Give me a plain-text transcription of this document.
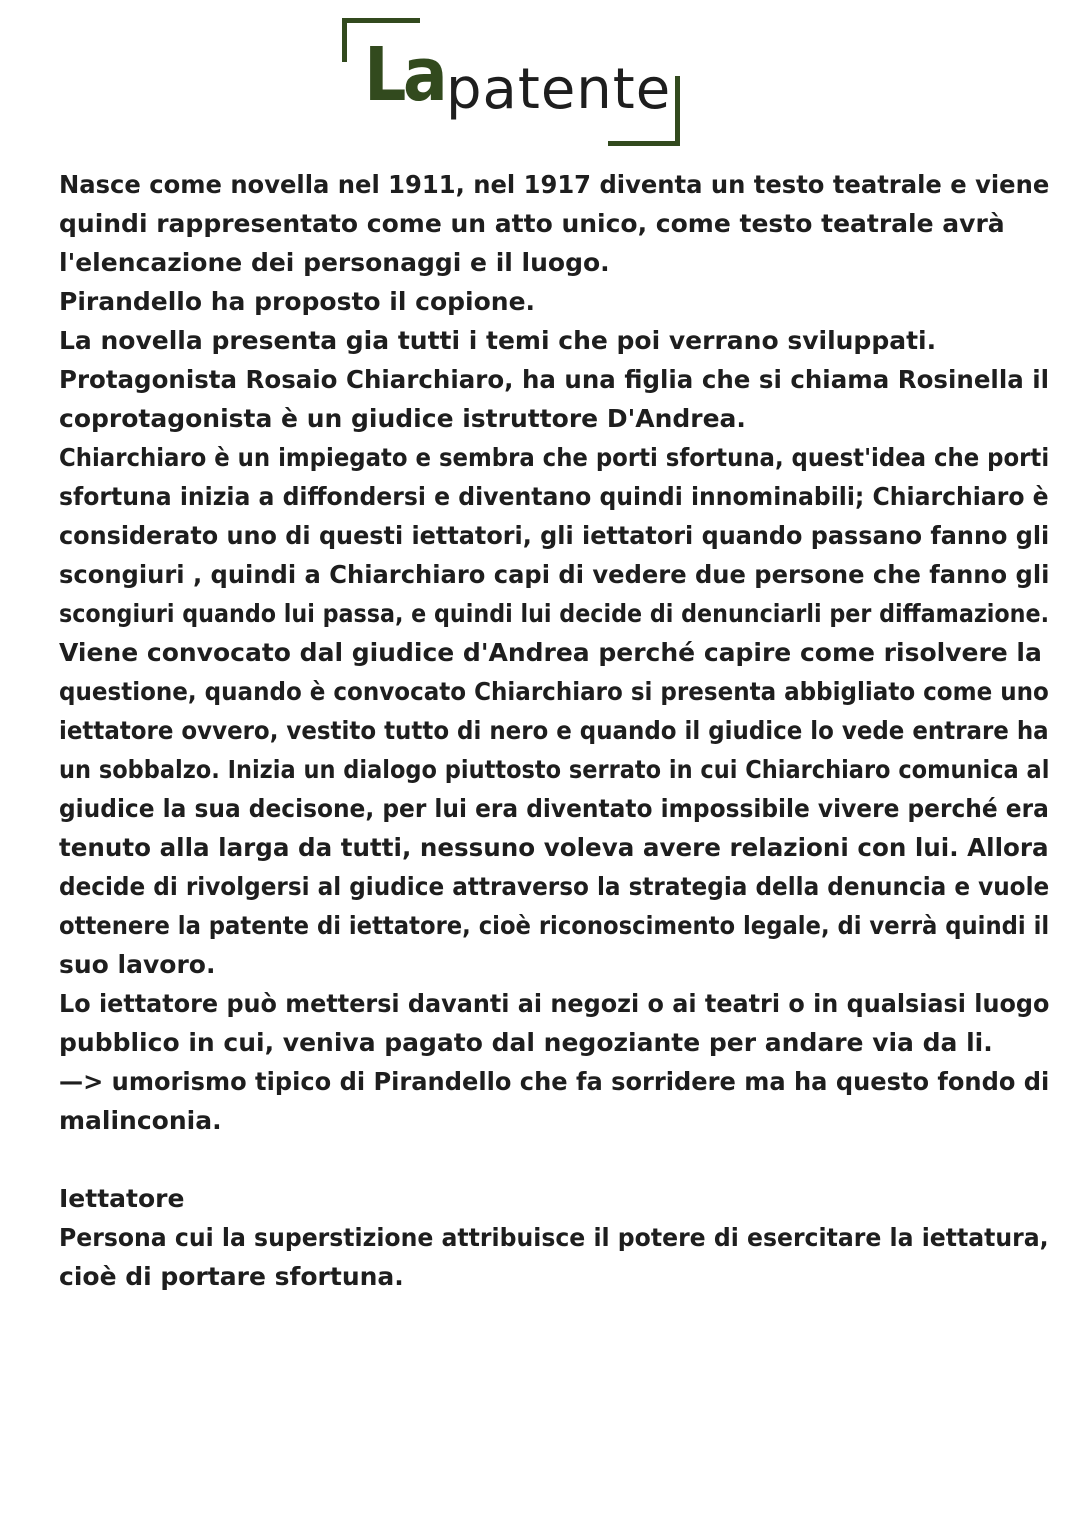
La patente
Nasce come novella nel 1911, nel 1917 diventa un testo teatrale e viene
quindi rappresentato come un atto unico, come testo teatrale avrà
l'elencazione dei personaggi e il luogo.
Pirandello ha proposto il copione.
La novella presenta gia tutti i temi che poi verrano sviluppati.
Protagonista Rosaio Chiarchiaro, ha una figlia che si chiama Rosinella il
coprotagonista è un giudice istruttore D'Andrea.
Chiarchiaro è un impiegato e sembra che porti sfortuna, quest'idea che porti
sfortuna inizia a diffondersi e diventano quindi innominabili; Chiarchiaro è
considerato uno di questi iettatori, gli iettatori quando passano fanno gli
scongiuri , quindi a Chiarchiaro capi di vedere due persone che fanno gli
scongiuri quando lui passa, e quindi lui decide di denunciarli per diffamazione.
Viene convocato dal giudice d'Andrea perché capire come risolvere la
questione, quando è convocato Chiarchiaro si presenta abbigliato come uno
iettatore ovvero, vestito tutto di nero e quando il giudice lo vede entrare ha
un sobbalzo. Inizia un dialogo piuttosto serrato in cui Chiarchiaro comunica al
giudice la sua decisone, per lui era diventato impossibile vivere perché era
tenuto alla larga da tutti, nessuno voleva avere relazioni con lui. Allora
decide di rivolgersi al giudice attraverso la strategia della denuncia e vuole
ottenere la patente di iettatore, cioè riconoscimento legale, di verrà quindi il
suo lavoro.
Lo iettatore può mettersi davanti ai negozi o ai teatri o in qualsiasi luogo
pubblico in cui, veniva pagato dal negoziante per andare via da li.
—> umorismo tipico di Pirandello che fa sorridere ma ha questo fondo di
malinconia.
Iettatore
Persona cui la superstizione attribuisce il potere di esercitare la iettatura,
cioè di portare sfortuna.
